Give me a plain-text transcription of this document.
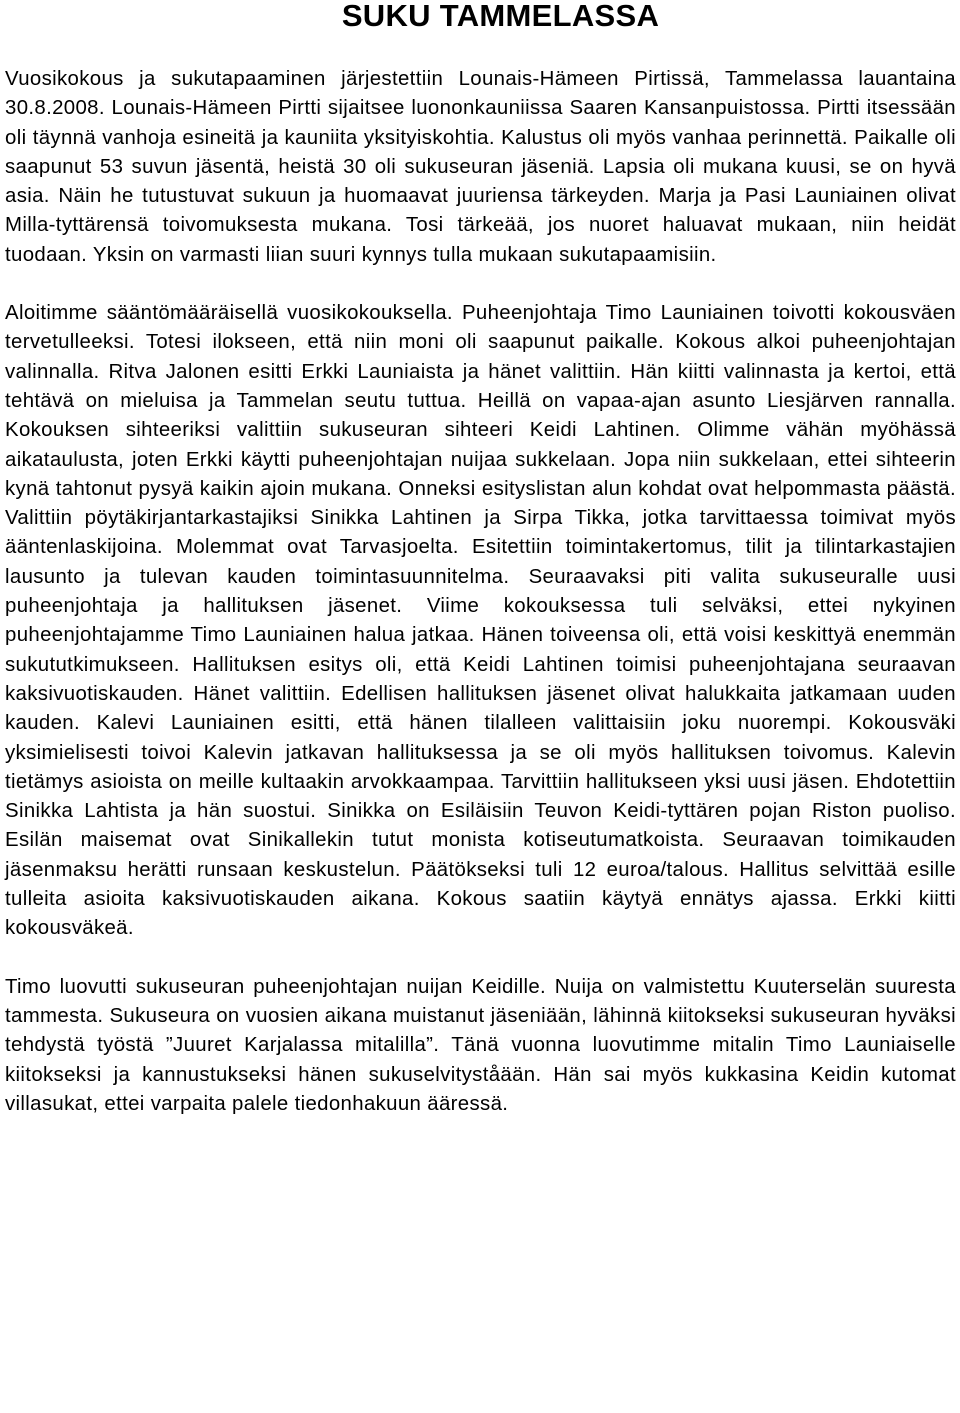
SUKU TAMMELASSA

Vuosikokous ja sukutapaaminen järjestettiin Lounais-Hämeen Pirtissä, Tammelassa lauantaina 30.8.2008. Lounais-Hämeen Pirtti sijaitsee luononkauniissa Saaren Kansanpuistossa. Pirtti itsessään oli täynnä vanhoja esineitä ja kauniita yksityiskohtia. Kalustus oli myös vanhaa perinnettä. Paikalle oli saapunut 53 suvun jäsentä, heistä 30 oli sukuseuran jäseniä. Lapsia oli mukana kuusi, se on hyvä asia. Näin he tutustuvat sukuun ja huomaavat juuriensa tärkeyden. Marja ja Pasi Launiainen olivat Milla-tyttärensä toivomuksesta mukana. Tosi tärkeää, jos nuoret haluavat mukaan, niin heidät tuodaan. Yksin on varmasti liian suuri kynnys tulla mukaan sukutapaamisiin.

Aloitimme sääntömääräisellä vuosikokouksella. Puheenjohtaja Timo Launiainen toivotti kokousväen tervetulleeksi. Totesi ilokseen, että niin moni oli saapunut paikalle. Kokous alkoi puheenjohtajan valinnalla. Ritva Jalonen esitti Erkki Launiaista ja hänet valittiin. Hän kiitti valinnasta ja kertoi, että tehtävä on mieluisa ja Tammelan seutu tuttua. Heillä on vapaa-ajan asunto Liesjärven rannalla. Kokouksen sihteeriksi valittiin sukuseuran sihteeri Keidi Lahtinen. Olimme vähän myöhässä aikataulusta, joten Erkki käytti puheenjohtajan nuijaa sukkelaan. Jopa niin sukkelaan, ettei sihteerin kynä tahtonut pysyä kaikin ajoin mukana. Onneksi esityslistan alun kohdat ovat helpommasta päästä. Valittiin pöytäkirjantarkastajiksi Sinikka Lahtinen ja Sirpa Tikka, jotka tarvittaessa toimivat myös ääntenlaskijoina. Molemmat ovat Tarvasjoelta. Esitettiin toimintakertomus, tilit ja tilintarkastajien lausunto ja tulevan kauden toimintasuunnitelma. Seuraavaksi piti valita sukuseuralle uusi puheenjohtaja ja hallituksen jäsenet. Viime kokouksessa tuli selväksi, ettei nykyinen puheenjohtajamme Timo Launiainen halua jatkaa. Hänen toiveensa oli, että voisi keskittyä enemmän sukututkimukseen. Hallituksen esitys oli, että Keidi Lahtinen toimisi puheenjohtajana seuraavan kaksivuotiskauden. Hänet valittiin. Edellisen hallituksen jäsenet olivat halukkaita jatkamaan uuden kauden. Kalevi Launiainen esitti, että hänen tilalleen valittaisiin joku nuorempi. Kokousväki yksimielisesti toivoi Kalevin jatkavan hallituksessa ja se oli myös hallituksen toivomus. Kalevin tietämys asioista on meille kultaakin arvokkaampaa. Tarvittiin hallitukseen yksi uusi jäsen. Ehdotettiin Sinikka Lahtista ja hän suostui. Sinikka on Esiläisiin Teuvon Keidi-tyttären pojan Riston puoliso. Esilän maisemat ovat Sinikallekin tutut monista kotiseutumatkoista. Seuraavan toimikauden jäsenmaksu herätti runsaan keskustelun. Päätökseksi tuli 12 euroa/talous. Hallitus selvittää esille tulleita asioita kaksivuotiskauden aikana. Kokous saatiin käytyä ennätys ajassa. Erkki kiitti kokousväkeä.

Timo luovutti sukuseuran puheenjohtajan nuijan Keidille. Nuija on valmistettu Kuuterselän suuresta tammesta. Sukuseura on vuosien aikana muistanut jäseniään, lähinnä kiitokseksi sukuseuran hyväksi tehdystä työstä ”Juuret Karjalassa mitalilla”. Tänä vuonna luovutimme mitalin Timo Launiaiselle kiitokseksi ja kannustukseksi hänen sukuselvityståään. Hän sai myös kukkasina Keidin kutomat villasukat, ettei varpaita palele tiedonhakuun ääressä.
